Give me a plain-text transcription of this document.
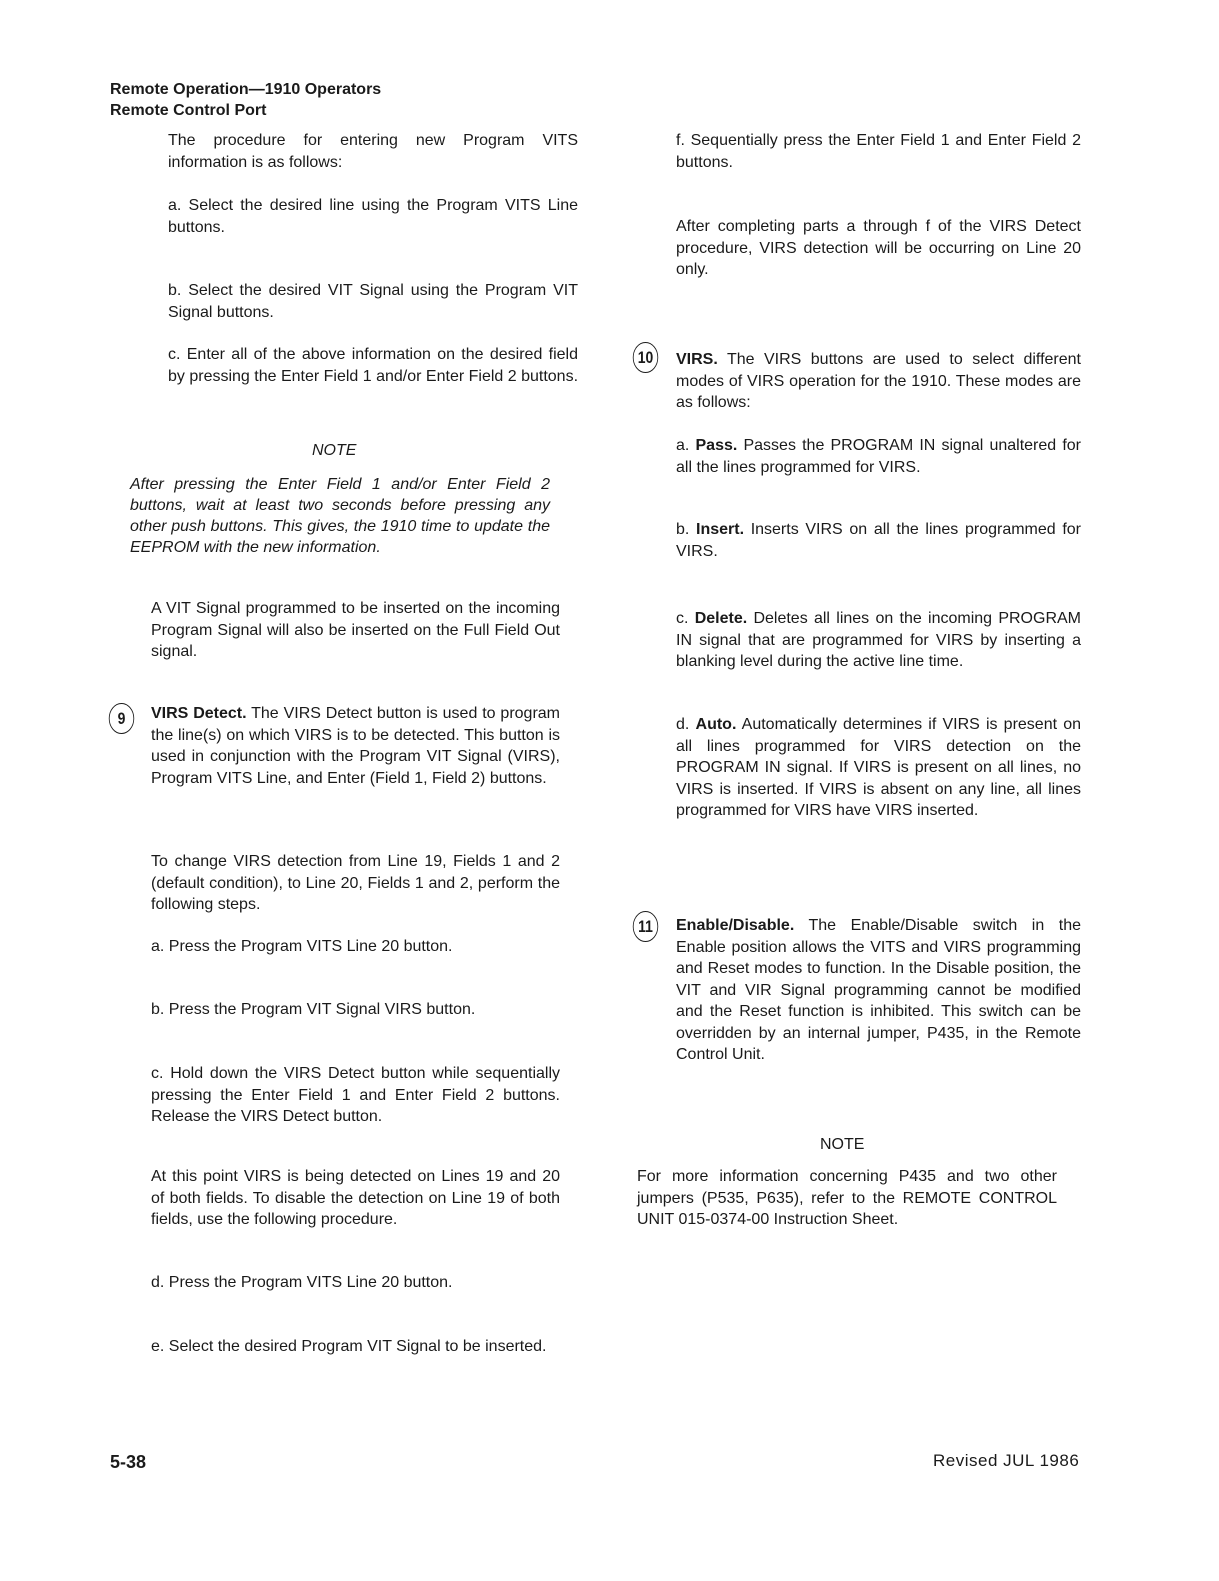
Remote Operation—1910 Operators
Remote Control Port

The procedure for entering new Program VITS information is as follows:

a. Select the desired line using the Program VITS Line buttons.

b. Select the desired VIT Signal using the Program VIT Signal buttons.

c. Enter all of the above information on the desired field by pressing the Enter Field 1 and/or Enter Field 2 buttons.

NOTE
After pressing the Enter Field 1 and/or Enter Field 2 buttons, wait at least two seconds before pressing any other push buttons. This gives, the 1910 time to update the EEPROM with the new information.

A VIT Signal programmed to be inserted on the incoming Program Signal will also be inserted on the Full Field Out signal.

9 VIRS Detect. The VIRS Detect button is used to program the line(s) on which VIRS is to be detected. This button is used in conjunction with the Program VIT Signal (VIRS), Program VITS Line, and Enter (Field 1, Field 2) buttons.

To change VIRS detection from Line 19, Fields 1 and 2 (default condition), to Line 20, Fields 1 and 2, perform the following steps.

a. Press the Program VITS Line 20 button.

b. Press the Program VIT Signal VIRS button.

c. Hold down the VIRS Detect button while sequentially pressing the Enter Field 1 and Enter Field 2 buttons. Release the VIRS Detect button.

At this point VIRS is being detected on Lines 19 and 20 of both fields. To disable the detection on Line 19 of both fields, use the following procedure.

d. Press the Program VITS Line 20 button.

e. Select the desired Program VIT Signal to be inserted.

f. Sequentially press the Enter Field 1 and Enter Field 2 buttons.

After completing parts a through f of the VIRS Detect procedure, VIRS detection will be occurring on Line 20 only.

10 VIRS. The VIRS buttons are used to select different modes of VIRS operation for the 1910. These modes are as follows:

a. Pass. Passes the PROGRAM IN signal unaltered for all the lines programmed for VIRS.

b. Insert. Inserts VIRS on all the lines programmed for VIRS.

c. Delete. Deletes all lines on the incoming PROGRAM IN signal that are programmed for VIRS by inserting a blanking level during the active line time.

d. Auto. Automatically determines if VIRS is present on all lines programmed for VIRS detection on the PROGRAM IN signal. If VIRS is present on all lines, no VIRS is inserted. If VIRS is absent on any line, all lines programmed for VIRS have VIRS inserted.

11 Enable/Disable. The Enable/Disable switch in the Enable position allows the VITS and VIRS programming and Reset modes to function. In the Disable position, the VIT and VIR Signal programming cannot be modified and the Reset function is inhibited. This switch can be overridden by an internal jumper, P435, in the Remote Control Unit.

NOTE

For more information concerning P435 and two other jumpers (P535, P635), refer to the REMOTE CONTROL UNIT 015-0374-00 Instruction Sheet.

5-38	Revised JUL 1986
